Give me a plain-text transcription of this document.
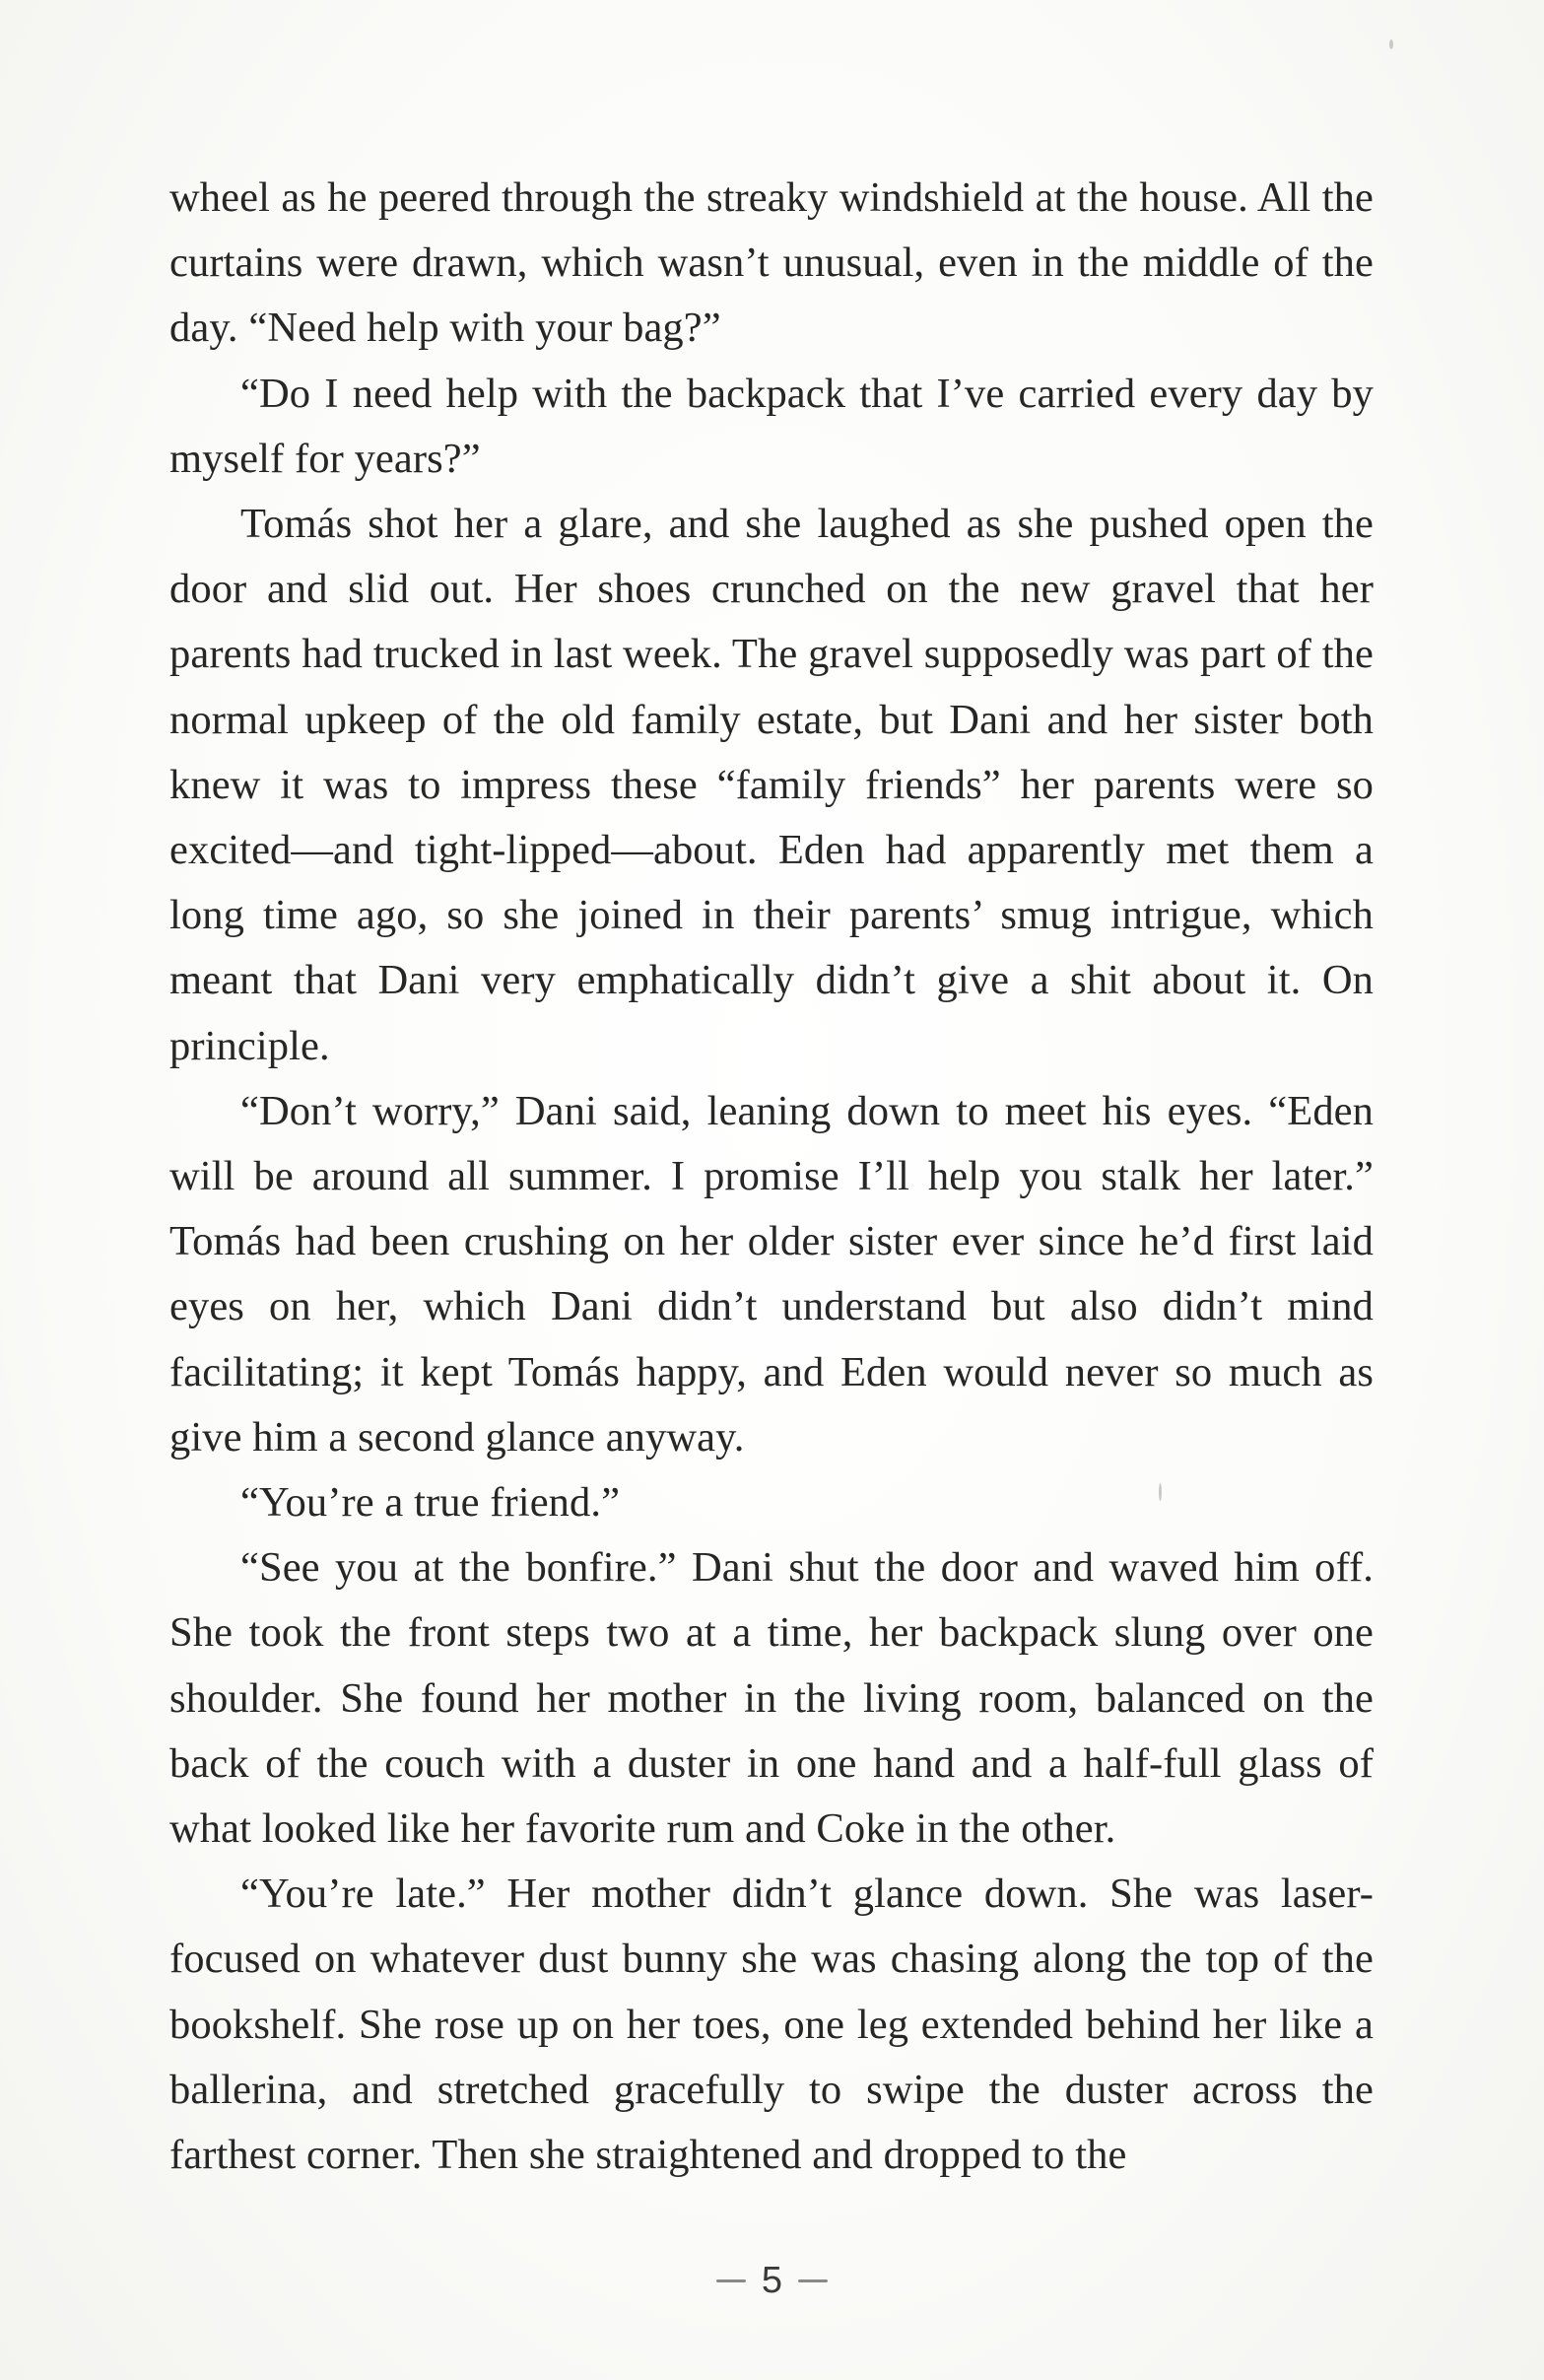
wheel as he peered through the streaky windshield at the house. All the curtains were drawn, which wasn’t unusual, even in the middle of the day. “Need help with your bag?”

“Do I need help with the backpack that I’ve carried every day by myself for years?”

Tomás shot her a glare, and she laughed as she pushed open the door and slid out. Her shoes crunched on the new gravel that her parents had trucked in last week. The gravel supposedly was part of the normal upkeep of the old family estate, but Dani and her sister both knew it was to impress these “family friends” her parents were so excited—and tight-lipped—about. Eden had apparently met them a long time ago, so she joined in their parents’ smug intrigue, which meant that Dani very emphatically didn’t give a shit about it. On principle.

“Don’t worry,” Dani said, leaning down to meet his eyes. “Eden will be around all summer. I promise I’ll help you stalk her later.” Tomás had been crushing on her older sister ever since he’d first laid eyes on her, which Dani didn’t understand but also didn’t mind facilitating; it kept Tomás happy, and Eden would never so much as give him a second glance anyway.

“You’re a true friend.”

“See you at the bonfire.” Dani shut the door and waved him off. She took the front steps two at a time, her backpack slung over one shoulder. She found her mother in the living room, balanced on the back of the couch with a duster in one hand and a half-full glass of what looked like her favorite rum and Coke in the other.

“You’re late.” Her mother didn’t glance down. She was laser-focused on whatever dust bunny she was chasing along the top of the bookshelf. She rose up on her toes, one leg extended behind her like a ballerina, and stretched gracefully to swipe the duster across the farthest corner. Then she straightened and dropped to the

5
